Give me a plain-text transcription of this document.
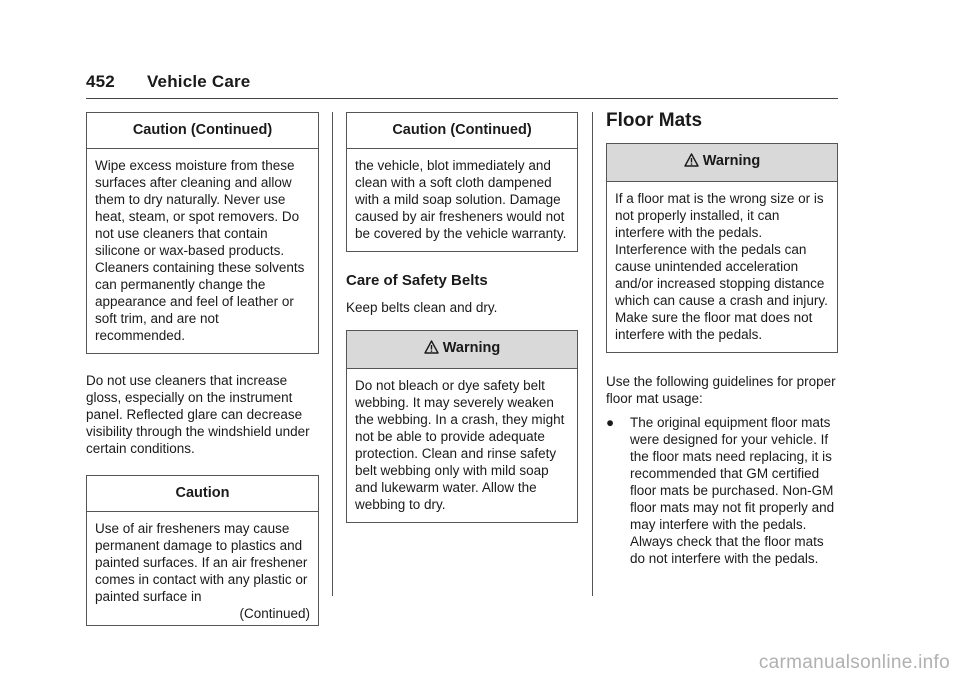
452 Vehicle Care
Caution (Continued)

Wipe excess moisture from these surfaces after cleaning and allow them to dry naturally. Never use heat, steam, or spot removers. Do not use cleaners that contain silicone or wax-based products. Cleaners containing these solvents can permanently change the appearance and feel of leather or soft trim, and are not recommended.

Do not use cleaners that increase gloss, especially on the instrument panel. Reflected glare can decrease visibility through the windshield under certain conditions.

Caution

Use of air fresheners may cause permanent damage to plastics and painted surfaces. If an air freshener comes in contact with any plastic or painted surface in

(Continued)

Caution (Continued)

the vehicle, blot immediately and clean with a soft cloth dampened with a mild soap solution. Damage caused by air fresheners would not be covered by the vehicle warranty.

Care of Safety Belts

Keep belts clean and dry.

Warning

Do not bleach or dye safety belt webbing. It may severely weaken the webbing. In a crash, they might not be able to provide adequate protection. Clean and rinse safety belt webbing only with mild soap and lukewarm water. Allow the webbing to dry.

Floor Mats
Warning

If a floor mat is the wrong size or is not properly installed, it can interfere with the pedals. Interference with the pedals can cause unintended acceleration and/or increased stopping distance which can cause a crash and injury. Make sure the floor mat does not interfere with the pedals.

Use the following guidelines for proper floor mat usage:

●	The original equipment floor mats were designed for your vehicle. If the floor mats need replacing, it is recommended that GM certified floor mats be purchased. Non-GM floor mats may not fit properly and may interfere with the pedals. Always check that the floor mats do not interfere with the pedals.
carmanualsonline.info
